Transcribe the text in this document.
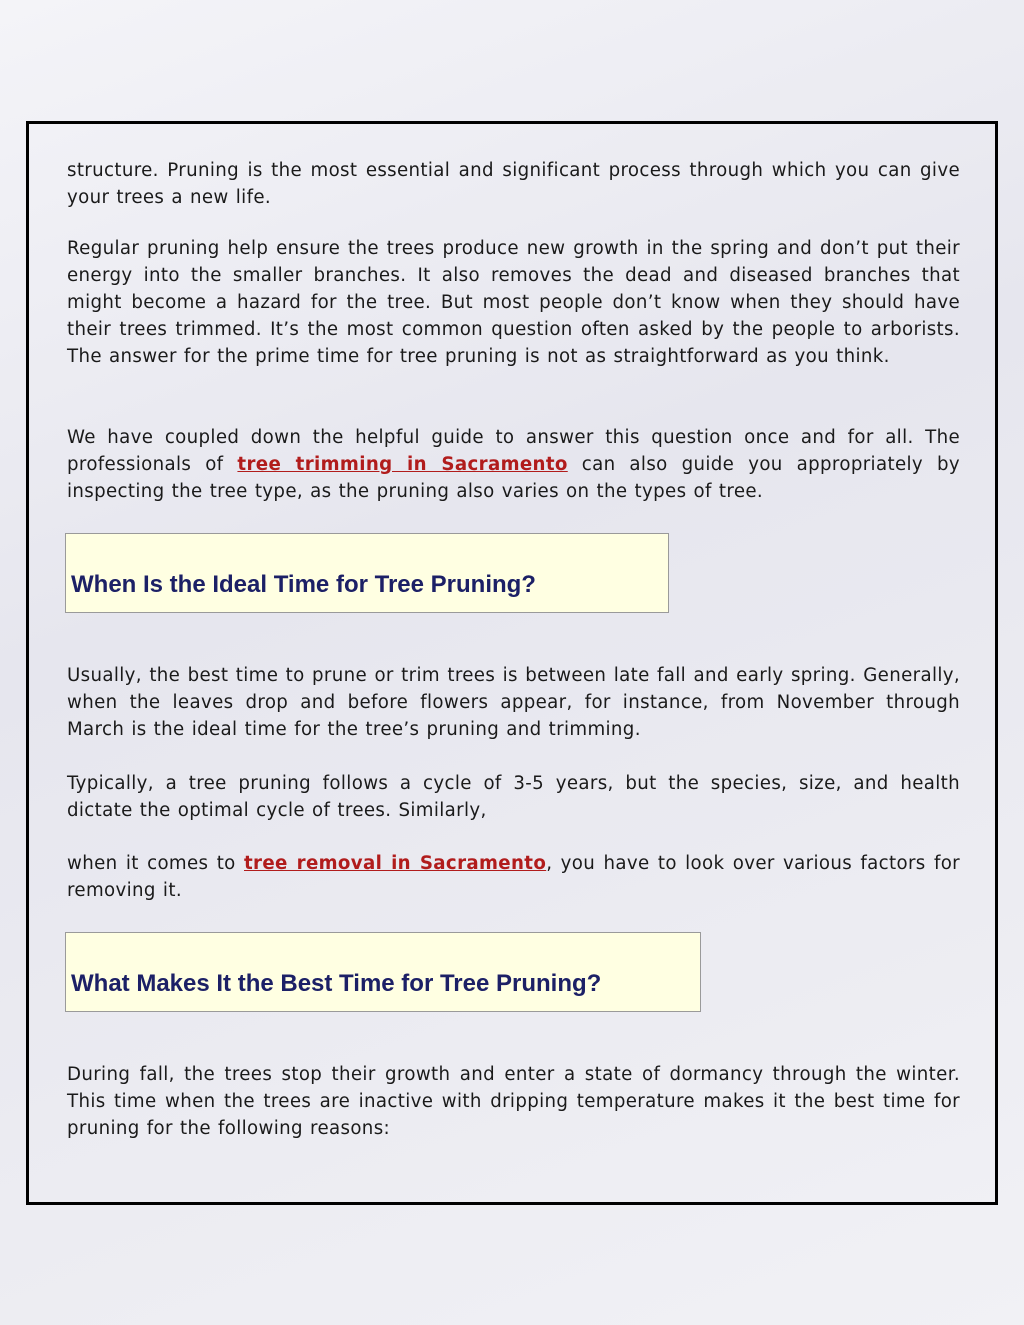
structure. Pruning is the most essential and significant process through which you can give your trees a new life.

Regular pruning help ensure the trees produce new growth in the spring and don’t put their energy into the smaller branches. It also removes the dead and diseased branches that might become a hazard for the tree. But most people don’t know when they should have their trees trimmed. It’s the most common question often asked by the people to arborists. The answer for the prime time for tree pruning is not as straightforward as you think.

We have coupled down the helpful guide to answer this question once and for all. The professionals of tree trimming in Sacramento can also guide you appropriately by inspecting the tree type, as the pruning also varies on the types of tree.

When Is the Ideal Time for Tree Pruning?

Usually, the best time to prune or trim trees is between late fall and early spring. Generally, when the leaves drop and before flowers appear, for instance, from November through March is the ideal time for the tree’s pruning and trimming.

Typically, a tree pruning follows a cycle of 3-5 years, but the species, size, and health dictate the optimal cycle of trees. Similarly,

when it comes to tree removal in Sacramento, you have to look over various factors for removing it.

What Makes It the Best Time for Tree Pruning?

During fall, the trees stop their growth and enter a state of dormancy through the winter. This time when the trees are inactive with dripping temperature makes it the best time for pruning for the following reasons:
